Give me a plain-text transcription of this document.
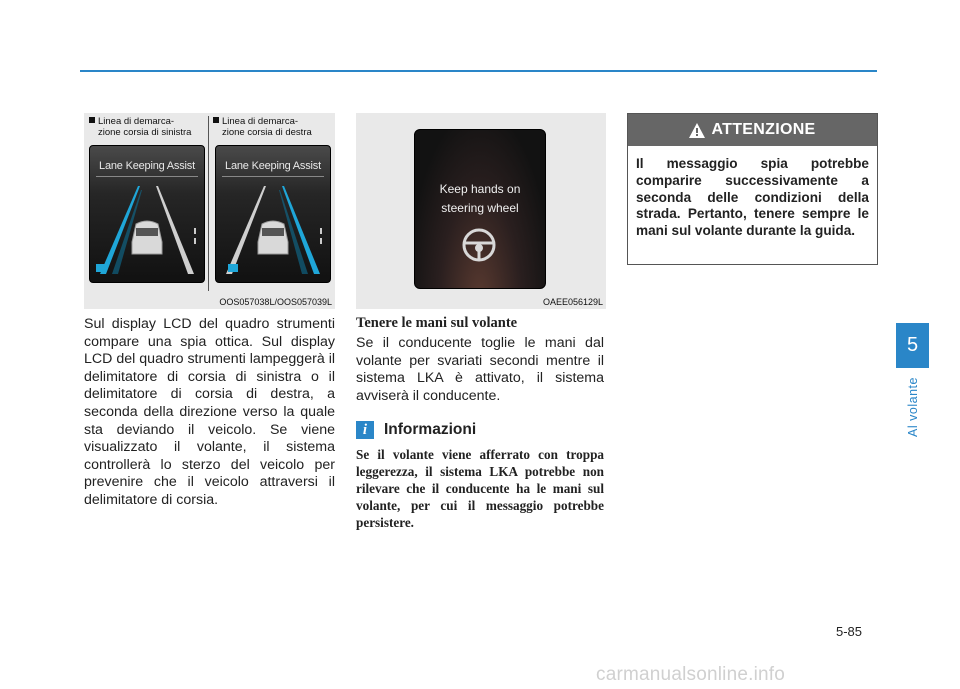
Linea di demarca-
zione corsia di sinistra
Linea di demarca-
zione corsia di destra
Lane Keeping Assist	Lane Keeping Assist
OOS057038L/OOS057039L
Sul display LCD del quadro strumenti compare una spia ottica. Sul display LCD del quadro strumenti lampeggerà il delimitatore di corsia di sinistra o il delimitatore di corsia di destra, a seconda della direzione verso la quale sta deviando il veicolo. Se viene visualizzato il volante, il sistema controllerà lo sterzo del veicolo per prevenire che il veicolo attraversi il delimitatore di corsia.
Keep hands on
steering wheel
OAEE056129L
Tenere le mani sul volante
Se il conducente toglie le mani dal volante per svariati secondi mentre il sistema LKA è attivato, il sistema avviserà il conducente.
i	Informazioni
Se il volante viene afferrato con troppa leggerezza, il sistema LKA potrebbe non rilevare che il conducente ha le mani sul volante, per cui il messaggio potrebbe persistere.
ATTENZIONE
Il messaggio spia potrebbe comparire successivamente a seconda delle condizioni della strada. Pertanto, tenere sempre le mani sul volante durante la guida.
5
Al volante
5-85
carmanualsonline.info
